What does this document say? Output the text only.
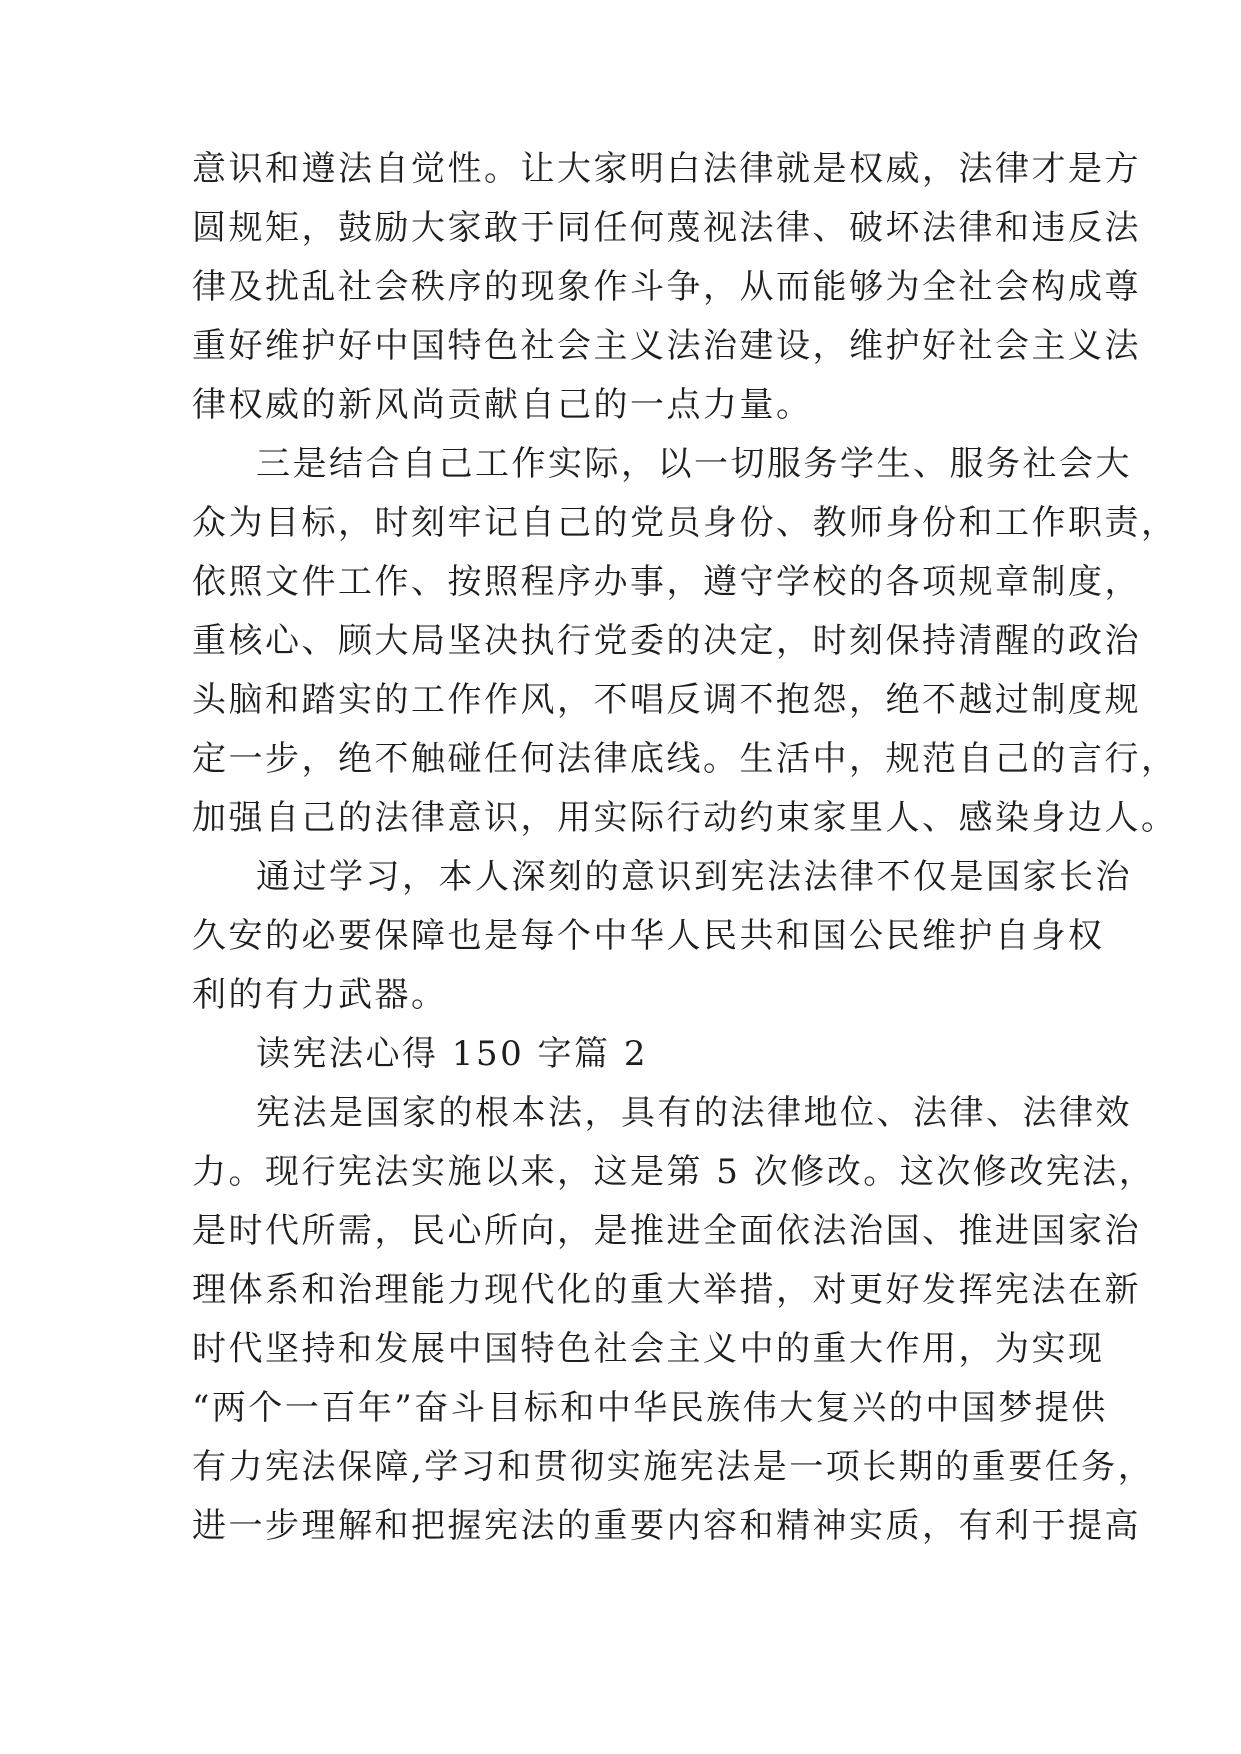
意识和遵法自觉性。让大家明白法律就是权威，法律才是方
圆规矩，鼓励大家敢于同任何蔑视法律、破坏法律和违反法
律及扰乱社会秩序的现象作斗争，从而能够为全社会构成尊
重好维护好中国特色社会主义法治建设，维护好社会主义法
律权威的新风尚贡献自己的一点力量。
三是结合自己工作实际，以一切服务学生、服务社会大
众为目标，时刻牢记自己的党员身份、教师身份和工作职责，
依照文件工作、按照程序办事，遵守学校的各项规章制度，
重核心、顾大局坚决执行党委的决定，时刻保持清醒的政治
头脑和踏实的工作作风，不唱反调不抱怨，绝不越过制度规
定一步，绝不触碰任何法律底线。生活中，规范自己的言行，
加强自己的法律意识，用实际行动约束家里人、感染身边人。
通过学习，本人深刻的意识到宪法法律不仅是国家长治
久安的必要保障也是每个中华人民共和国公民维护自身权
利的有力武器。
读宪法心得 150 字篇 2
宪法是国家的根本法，具有的法律地位、法律、法律效
力。现行宪法实施以来，这是第 5 次修改。这次修改宪法，
是时代所需，民心所向，是推进全面依法治国、推进国家治
理体系和治理能力现代化的重大举措，对更好发挥宪法在新
时代坚持和发展中国特色社会主义中的重大作用，为实现
“两个一百年”奋斗目标和中华民族伟大复兴的中国梦提供
有力宪法保障,学习和贯彻实施宪法是一项长期的重要任务，
进一步理解和把握宪法的重要内容和精神实质，有利于提高
